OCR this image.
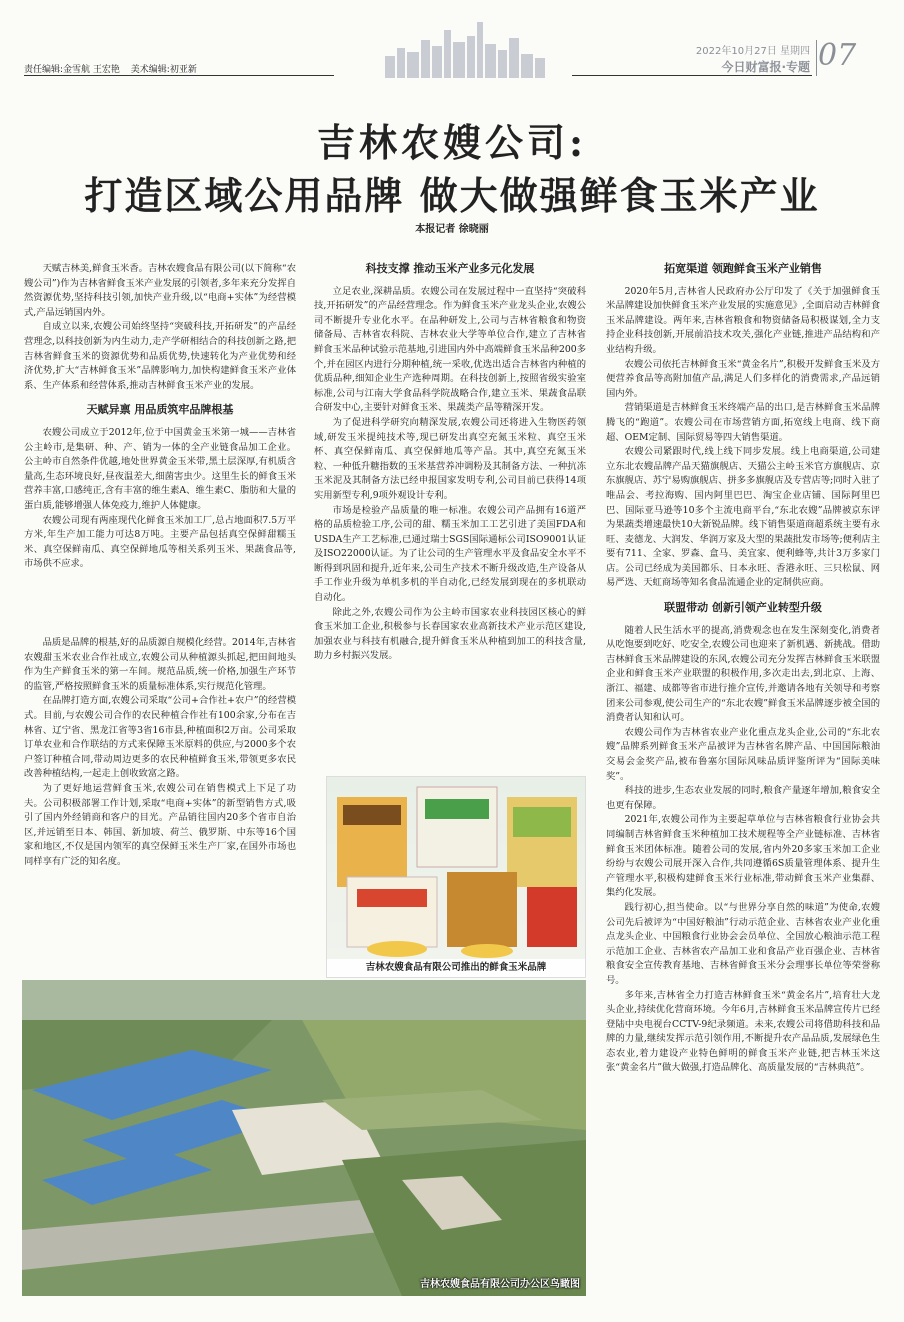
责任编辑:金雪航 王宏艳 美术编辑:初亚新
2022年10月27日 星期四
今日财富报·专题 07
吉林农嫂公司:
打造区域公用品牌 做大做强鲜食玉米产业
本报记者 徐晓丽

天赋吉林美,鲜食玉米香。吉林农嫂食品有限公司(以下简称“农嫂公司”)作为吉林省鲜食玉米产业发展的引领者,多年来充分发挥自然资源优势,坚持科技引领,加快产业升级,以“电商+实体”为经营模式,产品远销国内外。

自成立以来,农嫂公司始终坚持“突破科技,开拓研发”的产品经营理念,以科技创新为内生动力,走产学研相结合的科技创新之路,把吉林省鲜食玉米的资源优势和品质优势,快速转化为产业优势和经济优势,扩大“吉林鲜食玉米”品牌影响力,加快构建鲜食玉米产业体系、生产体系和经营体系,推动吉林鲜食玉米产业的发展。

天赋异禀 用品质筑牢品牌根基

农嫂公司成立于2012年,位于中国黄金玉米第一城——吉林省公主岭市,是集研、种、产、销为一体的全产业链食品加工企业。公主岭市自然条件优越,地处世界黄金玉米带,黑土层深厚,有机质含量高,生态环境良好,昼夜温差大,细菌害虫少。这里生长的鲜食玉米营养丰富,口感纯正,含有丰富的维生素A、维生素C、脂肪和大量的蛋白质,能够增强人体免疫力,维护人体健康。

农嫂公司现有两座现代化鲜食玉米加工厂,总占地面积7.5万平方米,年生产加工能力可达8万吨。主要产品包括真空保鲜甜糯玉米、真空保鲜南瓜、真空保鲜地瓜等相关系列玉米、果蔬食品等,市场供不应求。

品质是品牌的根基,好的品质源自规模化经营。2014年,吉林省农嫂甜玉米农业合作社成立,农嫂公司从种植源头抓起,把田间地头作为生产鲜食玉米的第一车间。规范品质,统一价格,加强生产环节的监管,严格按照鲜食玉米的质量标准体系,实行规范化管理。

在品牌打造方面,农嫂公司采取“公司+合作社+农户”的经营模式。目前,与农嫂公司合作的农民种植合作社有100余家,分布在吉林省、辽宁省、黑龙江省等3省16市县,种植面积2万亩。公司采取订单农业和合作联结的方式来保障玉米原料的供应,与2000多个农户签订种植合同,带动周边更多的农民种植鲜食玉米,带领更多农民改善种植结构,一起走上创收致富之路。

为了更好地运营鲜食玉米,农嫂公司在销售模式上下足了功夫。公司积极部署工作计划,采取“电商+实体”的新型销售方式,吸引了国内外经销商和客户的目光。产品销往国内20多个省市自治区,并远销至日本、韩国、新加坡、荷兰、俄罗斯、中东等16个国家和地区,不仅是国内领军的真空保鲜玉米生产厂家,在国外市场也同样享有广泛的知名度。

科技支撑 推动玉米产业多元化发展

立足农业,深耕品质。农嫂公司在发展过程中一直坚持“突破科技,开拓研发”的产品经营理念。作为鲜食玉米产业龙头企业,农嫂公司不断提升专业化水平。在品种研发上,公司与吉林省粮食和物资储备局、吉林省农科院、吉林农业大学等单位合作,建立了吉林省鲜食玉米品种试验示范基地,引进国内外中高端鲜食玉米品种200多个,并在园区内进行分期种植,统一采收,优选出适合吉林省内种植的优质品种,细知企业生产选种周期。在科技创新上,按照省级实验室标准,公司与江南大学食品科学院战略合作,建立玉米、果蔬食品联合研发中心,主要针对鲜食玉米、果蔬类产品等精深开发。

为了促进科学研究向精深发展,农嫂公司还将进入生物医药领域,研发玉米提纯技术等,现已研发出真空充氮玉米粒、真空玉米杯、真空保鲜南瓜、真空保鲜地瓜等产品。其中,真空充氮玉米粒、一种低升糖指数的玉米基营养冲调粉及其制备方法、一种抗冻玉米泥及其制备方法已经申报国家发明专利,公司目前已获得14项实用新型专利,9项外观设计专利。

市场是检验产品质量的唯一标准。农嫂公司产品拥有16道严格的品质检验工序,公司的甜、糯玉米加工工艺引进了美国FDA和USDA生产工艺标准,已通过瑞士SGS国际通标公司ISO9001认证及ISO22000认证。为了让公司的生产管理水平及食品安全水平不断得到巩固和提升,近年来,公司生产技术不断升级改造,生产设备从手工作业升级为单机多机的半自动化,已经发展到现在的多机联动自动化。

除此之外,农嫂公司作为公主岭市国家农业科技园区核心的鲜食玉米加工企业,积极参与长春国家农业高新技术产业示范区建设,加强农业与科技有机融合,提升鲜食玉米从种植到加工的科技含量,助力乡村振兴发展。

吉林农嫂食品有限公司推出的鲜食玉米品牌
拓宽渠道 领跑鲜食玉米产业销售

2020年5月,吉林省人民政府办公厅印发了《关于加强鲜食玉米品牌建设加快鲜食玉米产业发展的实施意见》,全面启动吉林鲜食玉米品牌建设。两年来,吉林省粮食和物资储备局积极谋划,全力支持企业科技创新,开展前沿技术攻关,强化产业链,推进产品结构和产业结构升级。

农嫂公司依托吉林鲜食玉米“黄金名片”,积极开发鲜食玉米及方便营养食品等高附加值产品,满足人们多样化的消费需求,产品远销国内外。

营销渠道是吉林鲜食玉米终端产品的出口,是吉林鲜食玉米品牌腾飞的“跑道”。农嫂公司在市场营销方面,拓宽线上电商、线下商超、OEM定制、国际贸易等四大销售渠道。

农嫂公司紧跟时代,线上线下同步发展。线上电商渠道,公司建立东北农嫂品牌产品天猫旗舰店、天猫公主岭玉米官方旗舰店、京东旗舰店、苏宁易购旗舰店、拼多多旗舰店及专营店等;同时入驻了唯品会、考拉海购、国内阿里巴巴、淘宝企业店铺、国际阿里巴巴、国际亚马逊等10多个主流电商平台,“东北农嫂”品牌被京东评为果蔬类增速最快10大新锐品牌。线下销售渠道商超系统主要有永旺、麦德龙、大润发、华润万家及大型的果蔬批发市场等;便利店主要有711、全家、罗森、盒马、美宜家、便利蜂等,共计3万多家门店。公司已经成为美国都乐、日本永旺、香港永旺、三只松鼠、网易严选、天虹商场等知名食品流通企业的定制供应商。

联盟带动 创新引领产业转型升级

随着人民生活水平的提高,消费观念也在发生深刻变化,消费者从吃饱要到吃好、吃安全,农嫂公司也迎来了新机遇、新挑战。借助吉林鲜食玉米品牌建设的东风,农嫂公司充分发挥吉林鲜食玉米联盟企业和鲜食玉米产业联盟的积极作用,多次走出去,到北京、上海、浙江、福建、成都等省市进行推介宣传,并邀请各地有关领导和考察团来公司参观,使公司生产的“东北农嫂”鲜食玉米品牌逐步被全国的消费者认知和认可。

农嫂公司作为吉林省农业产业化重点龙头企业,公司的“东北农嫂”品牌系列鲜食玉米产品被评为吉林省名牌产品、中国国际粮油交易会金奖产品,被布鲁塞尔国际风味品质评鉴所评为“国际美味奖”。

科技的进步,生态农业发展的同时,粮食产量逐年增加,粮食安全也更有保障。

2021年,农嫂公司作为主要起草单位与吉林省粮食行业协会共同编制吉林省鲜食玉米种植加工技术规程等全产业链标准、吉林省鲜食玉米团体标准。随着公司的发展,省内外20多家玉米加工企业纷纷与农嫂公司展开深入合作,共同遵循6S质量管理体系、提升生产管理水平,积极构建鲜食玉米行业标准,带动鲜食玉米产业集群、集约化发展。

践行初心,担当使命。以“与世界分享自然的味道”为使命,农嫂公司先后被评为“中国好粮油”行动示范企业、吉林省农业产业化重点龙头企业、中国粮食行业协会会员单位、全国放心粮油示范工程示范加工企业、吉林省农产品加工业和食品产业百强企业、吉林省粮食安全宣传教育基地、吉林省鲜食玉米分会理事长单位等荣誉称号。

多年来,吉林省全力打造吉林鲜食玉米“黄金名片”,培育壮大龙头企业,持续优化营商环境。今年6月,吉林鲜食玉米品牌宣传片已经登陆中央电视台CCTV-9纪录频道。未来,农嫂公司将借助科技和品牌的力量,继续发挥示范引领作用,不断提升农产品品质,发展绿色生态农业,着力建设产业特色鲜明的鲜食玉米产业链,把吉林玉米这张“黄金名片”做大做强,打造品牌化、高质量发展的“吉林典范”。

吉林农嫂食品有限公司办公区鸟瞰图
